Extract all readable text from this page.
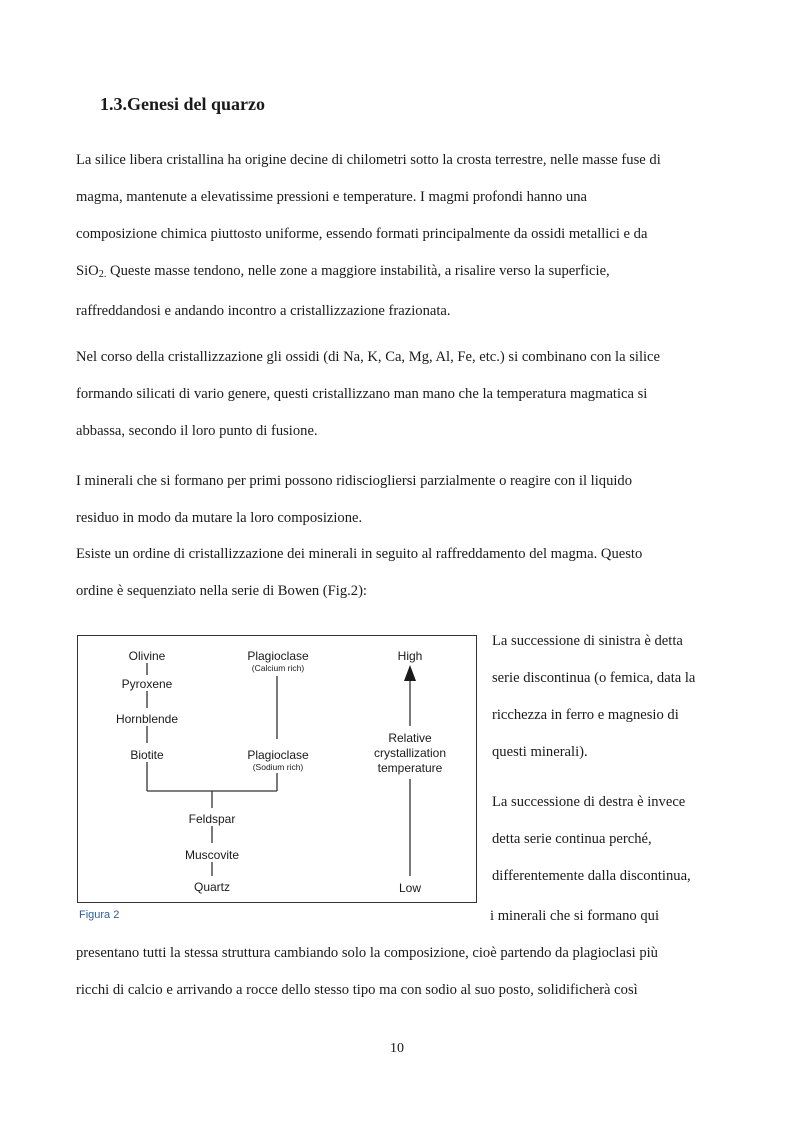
1.3.Genesi del quarzo
La silice libera cristallina ha origine decine di chilometri sotto la crosta terrestre, nelle masse fuse di
magma, mantenute a elevatissime pressioni e temperature. I magmi profondi hanno una
composizione chimica piuttosto uniforme, essendo formati principalmente da ossidi metallici e da
SiO$_{2.}$ Queste masse tendono, nelle zone a maggiore instabilità, a risalire verso la superficie,
raffreddandosi e andando incontro a cristallizzazione frazionata.
Nel corso della cristallizzazione gli ossidi (di Na, K, Ca, Mg, Al, Fe, etc.) si combinano con la silice
formando silicati di vario genere, questi cristallizzano man mano che la temperatura magmatica si
abbassa, secondo il loro punto di fusione.
I minerali che si formano per primi possono ridisciogliersi parzialmente o reagire con il liquido
residuo in modo da mutare la loro composizione.
Esiste un ordine di cristallizzazione dei minerali in seguito al raffreddamento del magma. Questo
ordine è sequenziato nella serie di Bowen (Fig.2):
Olivine
Pyroxene
Hornblende
Biotite
Plagioclase
(Calcium rich)
Plagioclase
(Sodium rich)
Feldspar
Muscovite
Quartz
High
Relative
crystallization
temperature
Low
Figura 2
La successione di sinistra è detta
serie discontinua (o femica, data la
ricchezza in ferro e magnesio di
questi minerali).
La successione di destra è invece
detta serie continua perché,
differentemente dalla discontinua,
i minerali che si formano qui
presentano tutti la stessa struttura cambiando solo la composizione, cioè partendo da plagioclasi più
ricchi di calcio e arrivando a rocce dello stesso tipo ma con sodio al suo posto, solidificherà così
10
